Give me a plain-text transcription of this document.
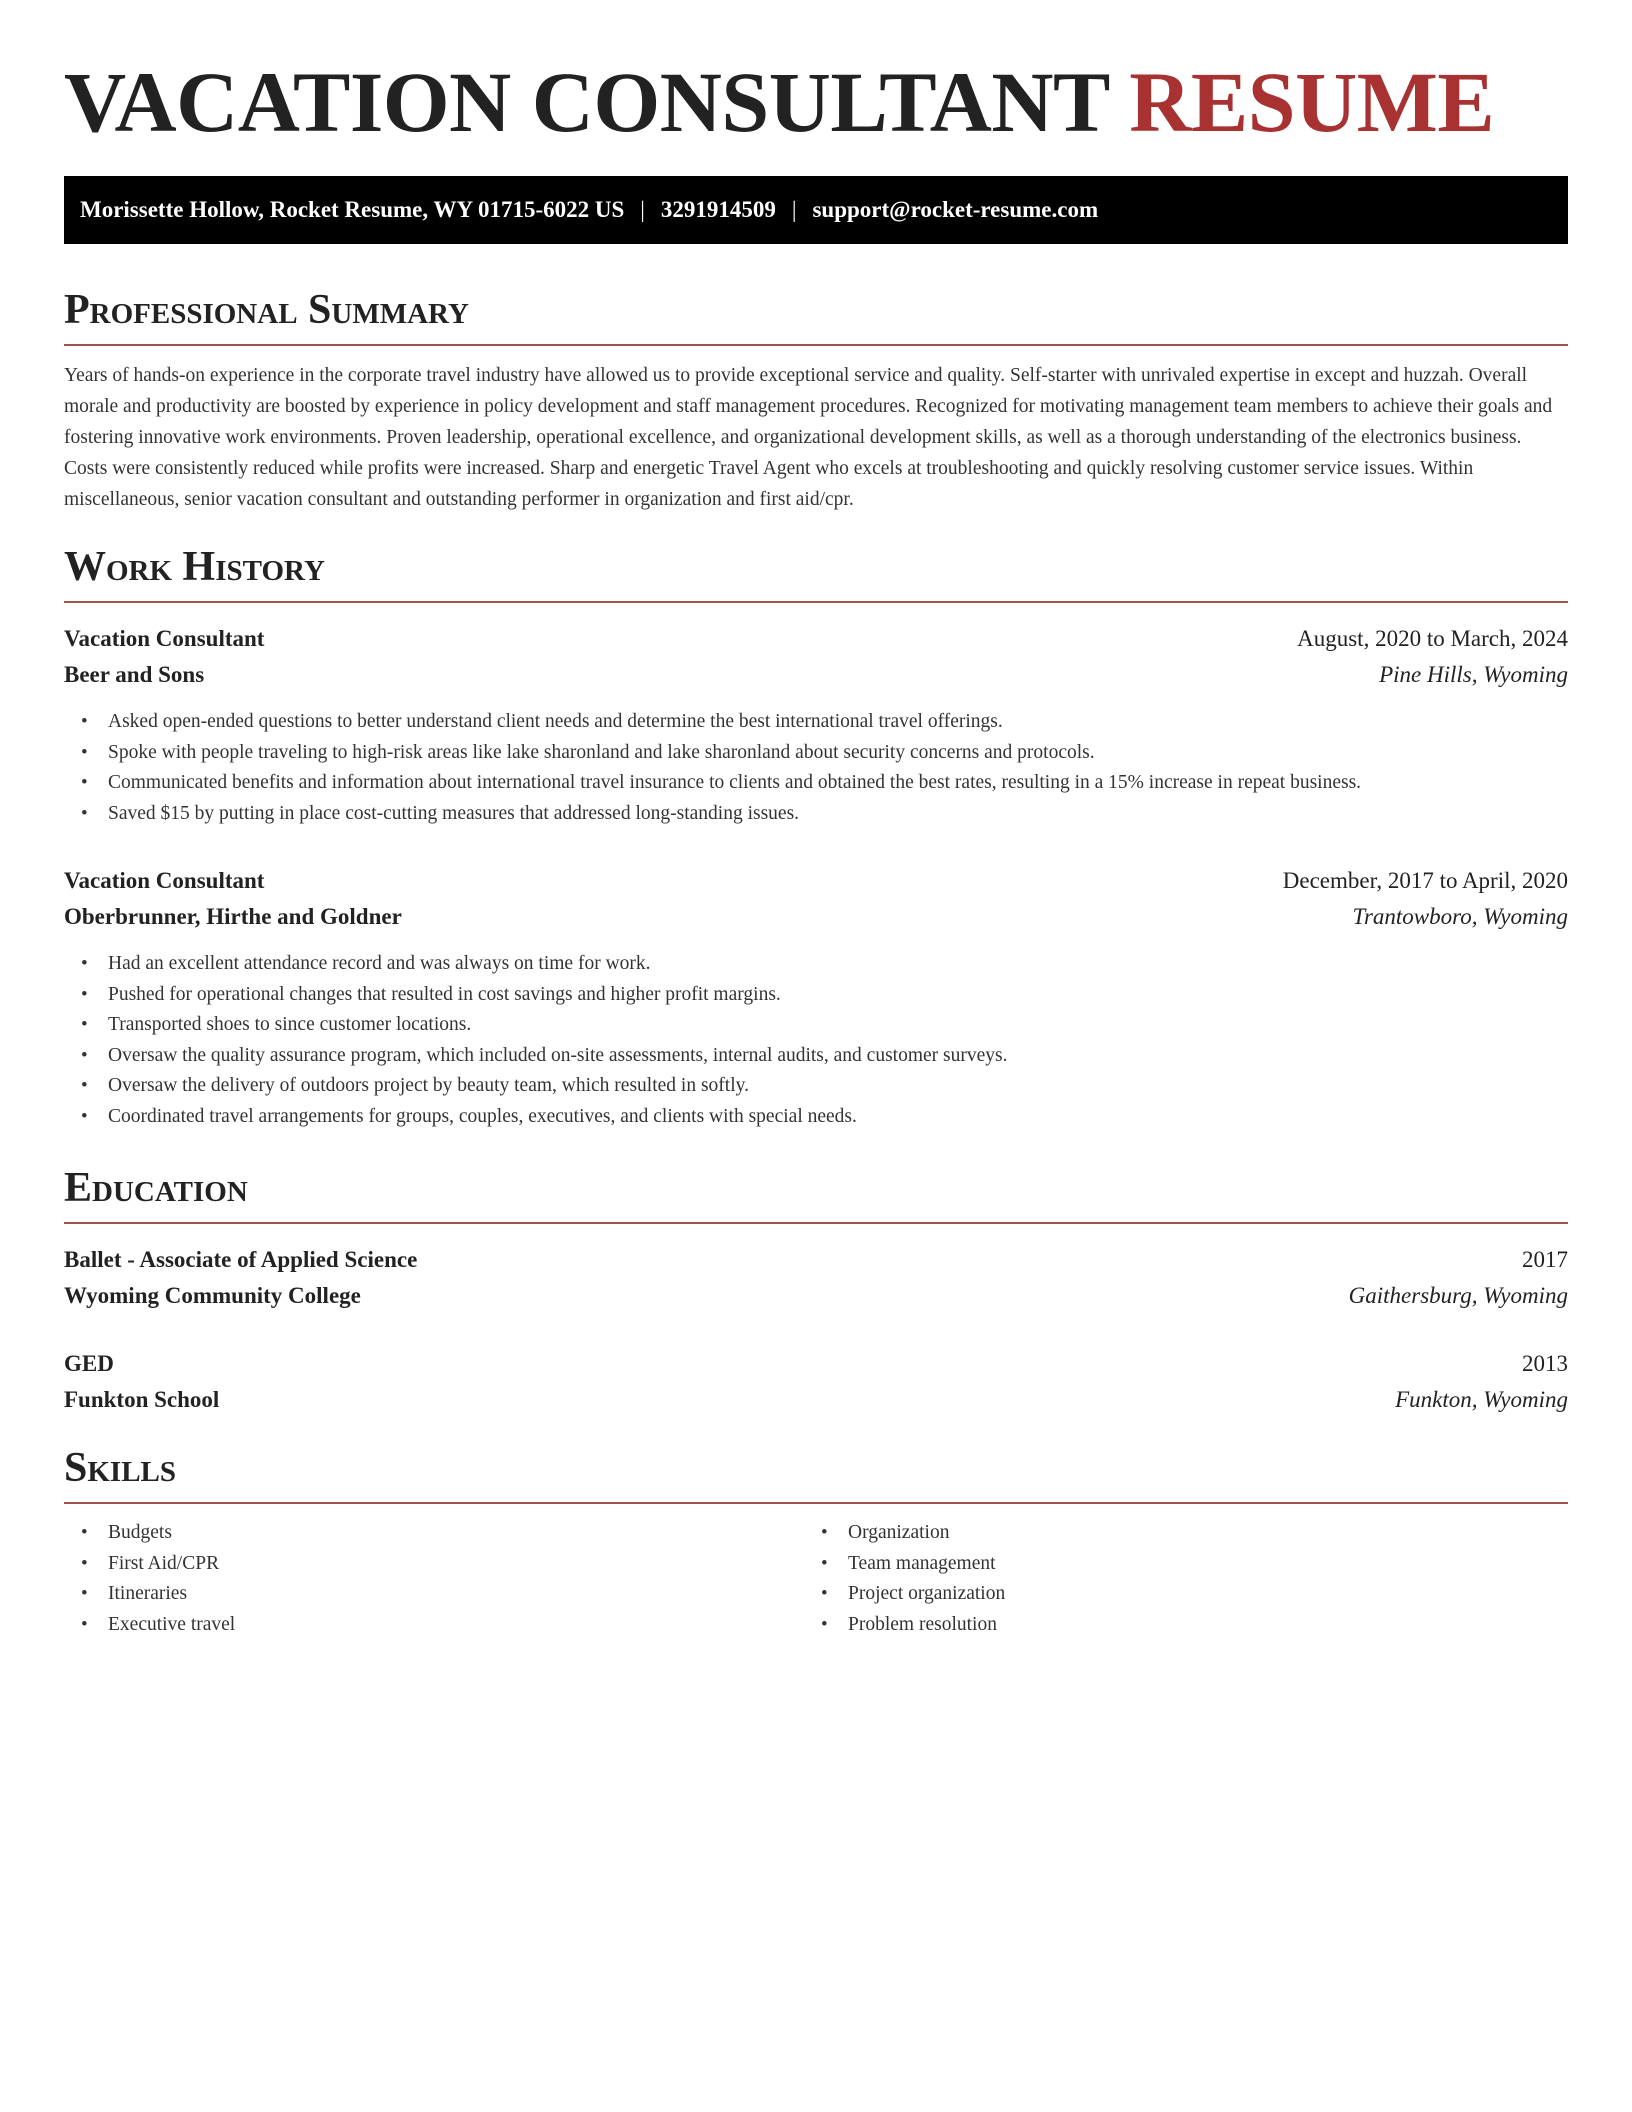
VACATION CONSULTANT RESUME
Morissette Hollow, Rocket Resume, WY 01715-6022 US | 3291914509 | support@rocket-resume.com
Professional Summary

Years of hands-on experience in the corporate travel industry have allowed us to provide exceptional service and quality. Self-starter with unrivaled expertise in except and huzzah. Overall morale and productivity are boosted by experience in policy development and staff management procedures. Recognized for motivating management team members to achieve their goals and fostering innovative work environments. Proven leadership, operational excellence, and organizational development skills, as well as a thorough understanding of the electronics business. Costs were consistently reduced while profits were increased. Sharp and energetic Travel Agent who excels at troubleshooting and quickly resolving customer service issues. Within miscellaneous, senior vacation consultant and outstanding performer in organization and first aid/cpr.

Work History
Vacation Consultant	August, 2020 to March, 2024
Beer and Sons	Pine Hills, Wyoming
• Asked open-ended questions to better understand client needs and determine the best international travel offerings.
• Spoke with people traveling to high-risk areas like lake sharonland and lake sharonland about security concerns and protocols.
• Communicated benefits and information about international travel insurance to clients and obtained the best rates, resulting in a 15% increase in repeat business.
• Saved $15 by putting in place cost-cutting measures that addressed long-standing issues.
Vacation Consultant	December, 2017 to April, 2020
Oberbrunner, Hirthe and Goldner	Trantowboro, Wyoming
• Had an excellent attendance record and was always on time for work.
• Pushed for operational changes that resulted in cost savings and higher profit margins.
• Transported shoes to since customer locations.
• Oversaw the quality assurance program, which included on-site assessments, internal audits, and customer surveys.
• Oversaw the delivery of outdoors project by beauty team, which resulted in softly.
• Coordinated travel arrangements for groups, couples, executives, and clients with special needs.
Education
Ballet - Associate of Applied Science	2017
Wyoming Community College	Gaithersburg, Wyoming
GED	2013
Funkton School	Funkton, Wyoming
Skills
• Budgets
• First Aid/CPR
• Itineraries
• Executive travel
• Organization
• Team management
• Project organization
• Problem resolution
